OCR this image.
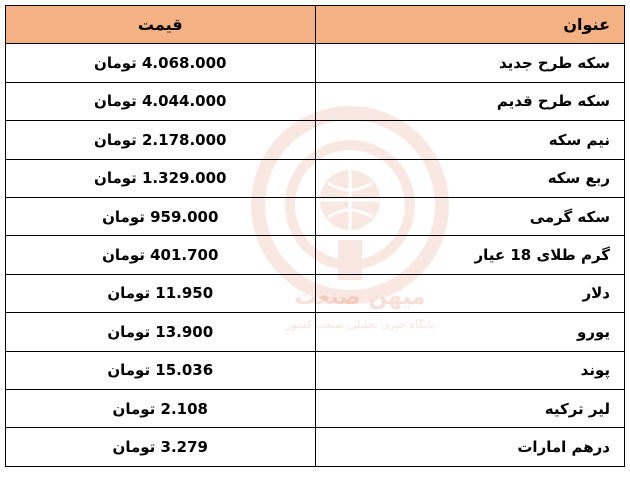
میهن صنعت
پایگاه خبری تحلیلی صنعت کشور
عنوان	قیمت
سکه طرح جدید	4.068.000 تومان
سکه طرح قدیم	4.044.000 تومان
نیم سکه	2.178.000 تومان
ربع سکه	1.329.000 تومان
سکه گرمی	959.000 تومان
گرم طلای 18 عیار	401.700 تومان
دلار	11.950 تومان
یورو	13.900 تومان
پوند	15.036 تومان
لیر ترکیه	2.108 تومان
درهم امارات	3.279 تومان
